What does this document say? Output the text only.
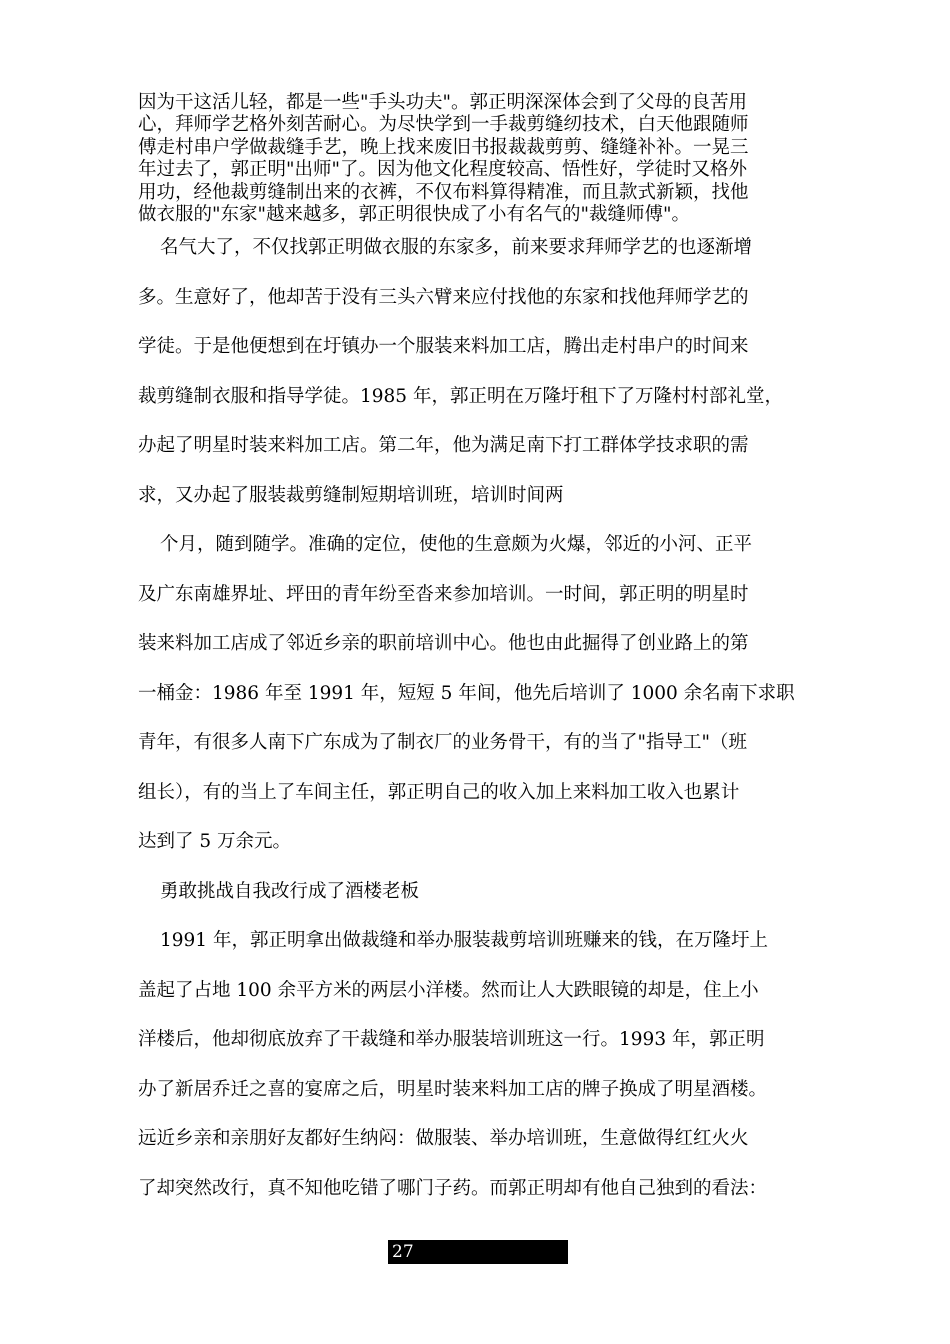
因为干这活儿轻，都是一些"手头功夫"。郭正明深深体会到了父母的良苦用
心，拜师学艺格外刻苦耐心。为尽快学到一手裁剪缝纫技术，白天他跟随师
傅走村串户学做裁缝手艺，晚上找来废旧书报裁裁剪剪、缝缝补补。一晃三
年过去了，郭正明"出师"了。因为他文化程度较高、悟性好，学徒时又格外
用功，经他裁剪缝制出来的衣裤，不仅布料算得精准，而且款式新颖，找他
做衣服的"东家"越来越多，郭正明很快成了小有名气的"裁缝师傅"。
名气大了，不仅找郭正明做衣服的东家多，前来要求拜师学艺的也逐渐增
多。生意好了，他却苦于没有三头六臂来应付找他的东家和找他拜师学艺的
学徒。于是他便想到在圩镇办一个服装来料加工店，腾出走村串户的时间来
裁剪缝制衣服和指导学徒。1985 年，郭正明在万隆圩租下了万隆村村部礼堂，
办起了明星时装来料加工店。第二年，他为满足南下打工群体学技求职的需
求，又办起了服装裁剪缝制短期培训班，培训时间两
个月，随到随学。准确的定位，使他的生意颇为火爆，邻近的小河、正平
及广东南雄界址、坪田的青年纷至沓来参加培训。一时间，郭正明的明星时
装来料加工店成了邻近乡亲的职前培训中心。他也由此掘得了创业路上的第
一桶金：1986 年至 1991 年，短短 5 年间，他先后培训了 1000 余名南下求职
青年，有很多人南下广东成为了制衣厂的业务骨干，有的当了"指导工"（班
组长），有的当上了车间主任，郭正明自己的收入加上来料加工收入也累计
达到了 5 万余元。
勇敢挑战自我改行成了酒楼老板
1991 年，郭正明拿出做裁缝和举办服装裁剪培训班赚来的钱，在万隆圩上
盖起了占地 100 余平方米的两层小洋楼。然而让人大跌眼镜的却是，住上小
洋楼后，他却彻底放弃了干裁缝和举办服装培训班这一行。1993 年，郭正明
办了新居乔迁之喜的宴席之后，明星时装来料加工店的牌子换成了明星酒楼。
远近乡亲和亲朋好友都好生纳闷：做服装、举办培训班，生意做得红红火火
了却突然改行，真不知他吃错了哪门子药。而郭正明却有他自己独到的看法：
27
